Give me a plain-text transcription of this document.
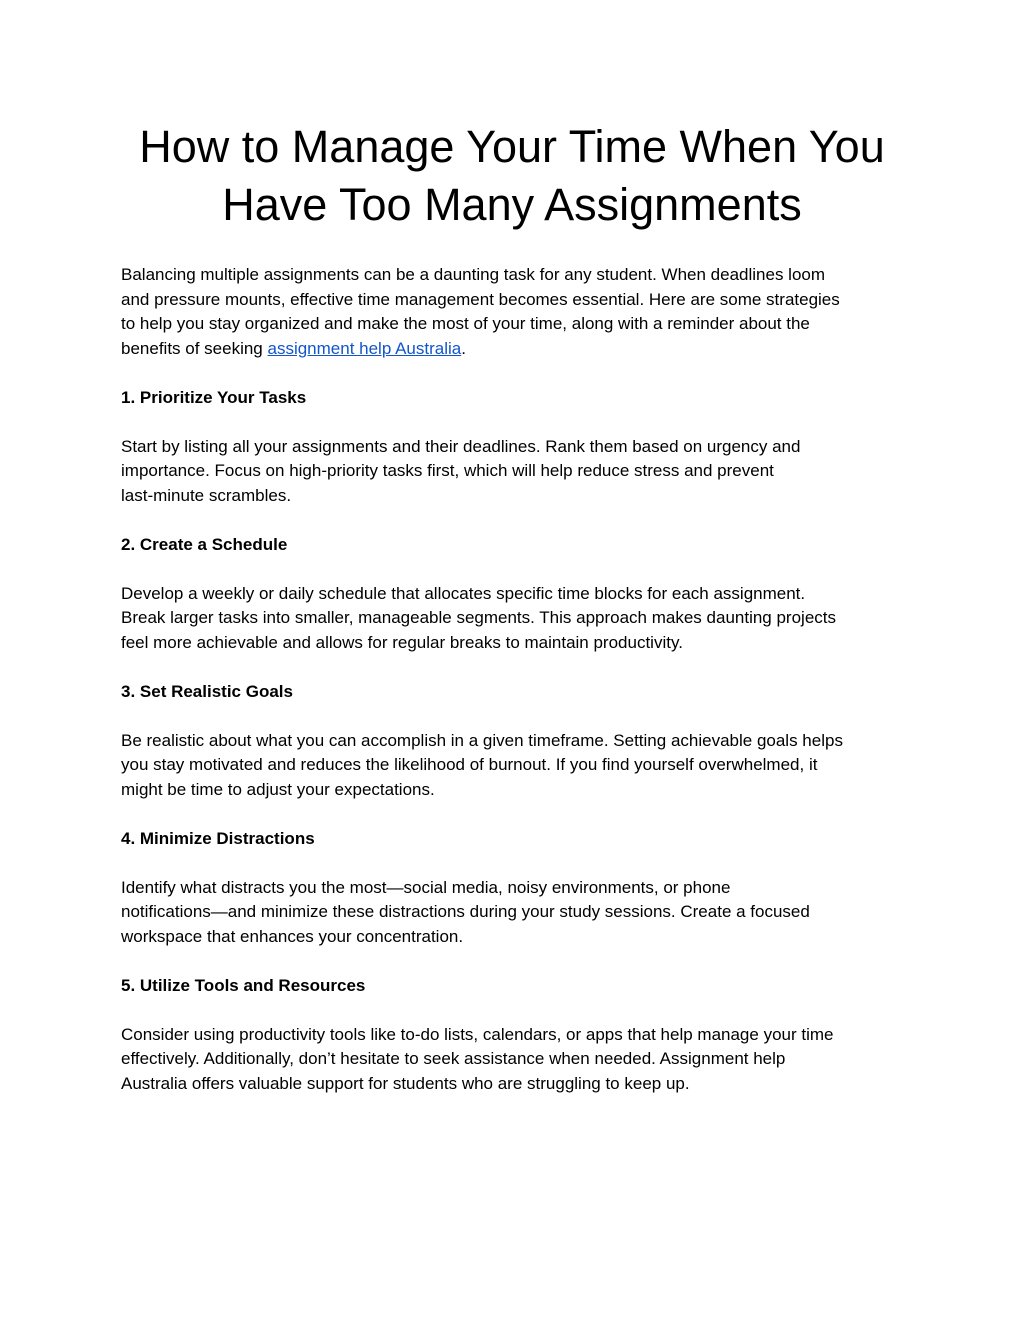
How to Manage Your Time When You
Have Too Many Assignments

Balancing multiple assignments can be a daunting task for any student. When deadlines loom
and pressure mounts, effective time management becomes essential. Here are some strategies
to help you stay organized and make the most of your time, along with a reminder about the
benefits of seeking assignment help Australia.

1. Prioritize Your Tasks

Start by listing all your assignments and their deadlines. Rank them based on urgency and
importance. Focus on high-priority tasks first, which will help reduce stress and prevent
last-minute scrambles.

2. Create a Schedule

Develop a weekly or daily schedule that allocates specific time blocks for each assignment.
Break larger tasks into smaller, manageable segments. This approach makes daunting projects
feel more achievable and allows for regular breaks to maintain productivity.

3. Set Realistic Goals

Be realistic about what you can accomplish in a given timeframe. Setting achievable goals helps
you stay motivated and reduces the likelihood of burnout. If you find yourself overwhelmed, it
might be time to adjust your expectations.

4. Minimize Distractions

Identify what distracts you the most—social media, noisy environments, or phone
notifications—and minimize these distractions during your study sessions. Create a focused
workspace that enhances your concentration.

5. Utilize Tools and Resources

Consider using productivity tools like to-do lists, calendars, or apps that help manage your time
effectively. Additionally, don’t hesitate to seek assistance when needed. Assignment help
Australia offers valuable support for students who are struggling to keep up.
